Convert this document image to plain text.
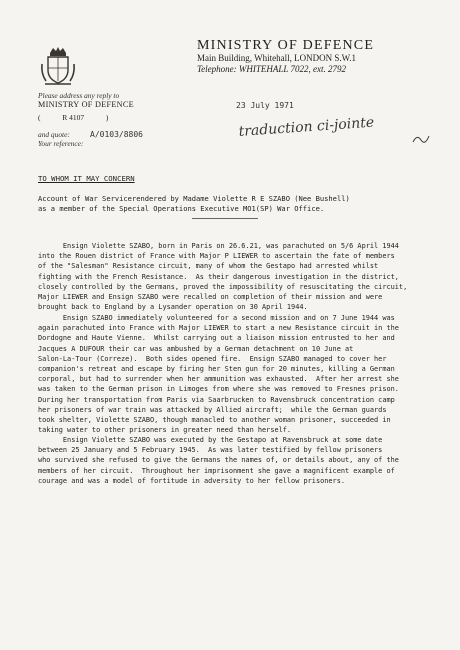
MINISTRY OF DEFENCE
Main Building, Whitehall, LONDON S.W.1
Telephone: WHITEHALL 7022, ext. 2792
Please address any reply to
MINISTRY OF DEFENCE
(	R 4107	)
and quote:
Your reference:
A/0103/8806
23 July 1971
traduction ci-jointe
TO WHOM IT MAY CONCERN
Account of War Servicerendered by Madame Violette R E SZABO (Nee Bushell)
as a member of the Special Operations Executive MO1(SP) War Office.
Ensign Violette SZABO, born in Paris on 26.6.21, was parachuted on 5/6 April 1944
into the Rouen district of France with Major P LIEWER to ascertain the fate of members
of the "Salesman" Resistance circuit, many of whom the Gestapo had arrested whilst
fighting with the French Resistance.  As their dangerous investigation in the district,
closely controlled by the Germans, proved the impossibility of resuscitating the circuit,
Major LIEWER and Ensign SZABO were recalled on completion of their mission and were
brought back to England by a Lysander operation on 30 April 1944.
Ensign SZABO immediately volunteered for a second mission and on 7 June 1944 was
again parachuted into France with Major LIEWER to start a new Resistance circuit in the
Dordogne and Haute Vienne.  Whilst carrying out a liaison mission entrusted to her and
Jacques A DUFOUR their car was ambushed by a German detachment on 10 June at
Salon-La-Tour (Correze).  Both sides opened fire.  Ensign SZABO managed to cover her
companion's retreat and escape by firing her Sten gun for 20 minutes, killing a German
corporal, but had to surrender when her ammunition was exhausted.  After her arrest she
was taken to the German prison in Limoges from where she was removed to Fresnes prison.
During her transportation from Paris via Saarbrucken to Ravensbruck concentration camp
her prisoners of war train was attacked by Allied aircraft;  while the German guards
took shelter, Violette SZABO, though manacled to another woman prisoner, succeeded in
taking water to other prisoners in greater need than herself.
Ensign Violette SZABO was executed by the Gestapo at Ravensbruck at some date
between 25 January and 5 February 1945.  As was later testified by fellow prisoners
who survived she refused to give the Germans the names of, or details about, any of the
members of her circuit.  Throughout her imprisonment she gave a magnificent example of
courage and was a model of fortitude in adversity to her fellow prisoners.
